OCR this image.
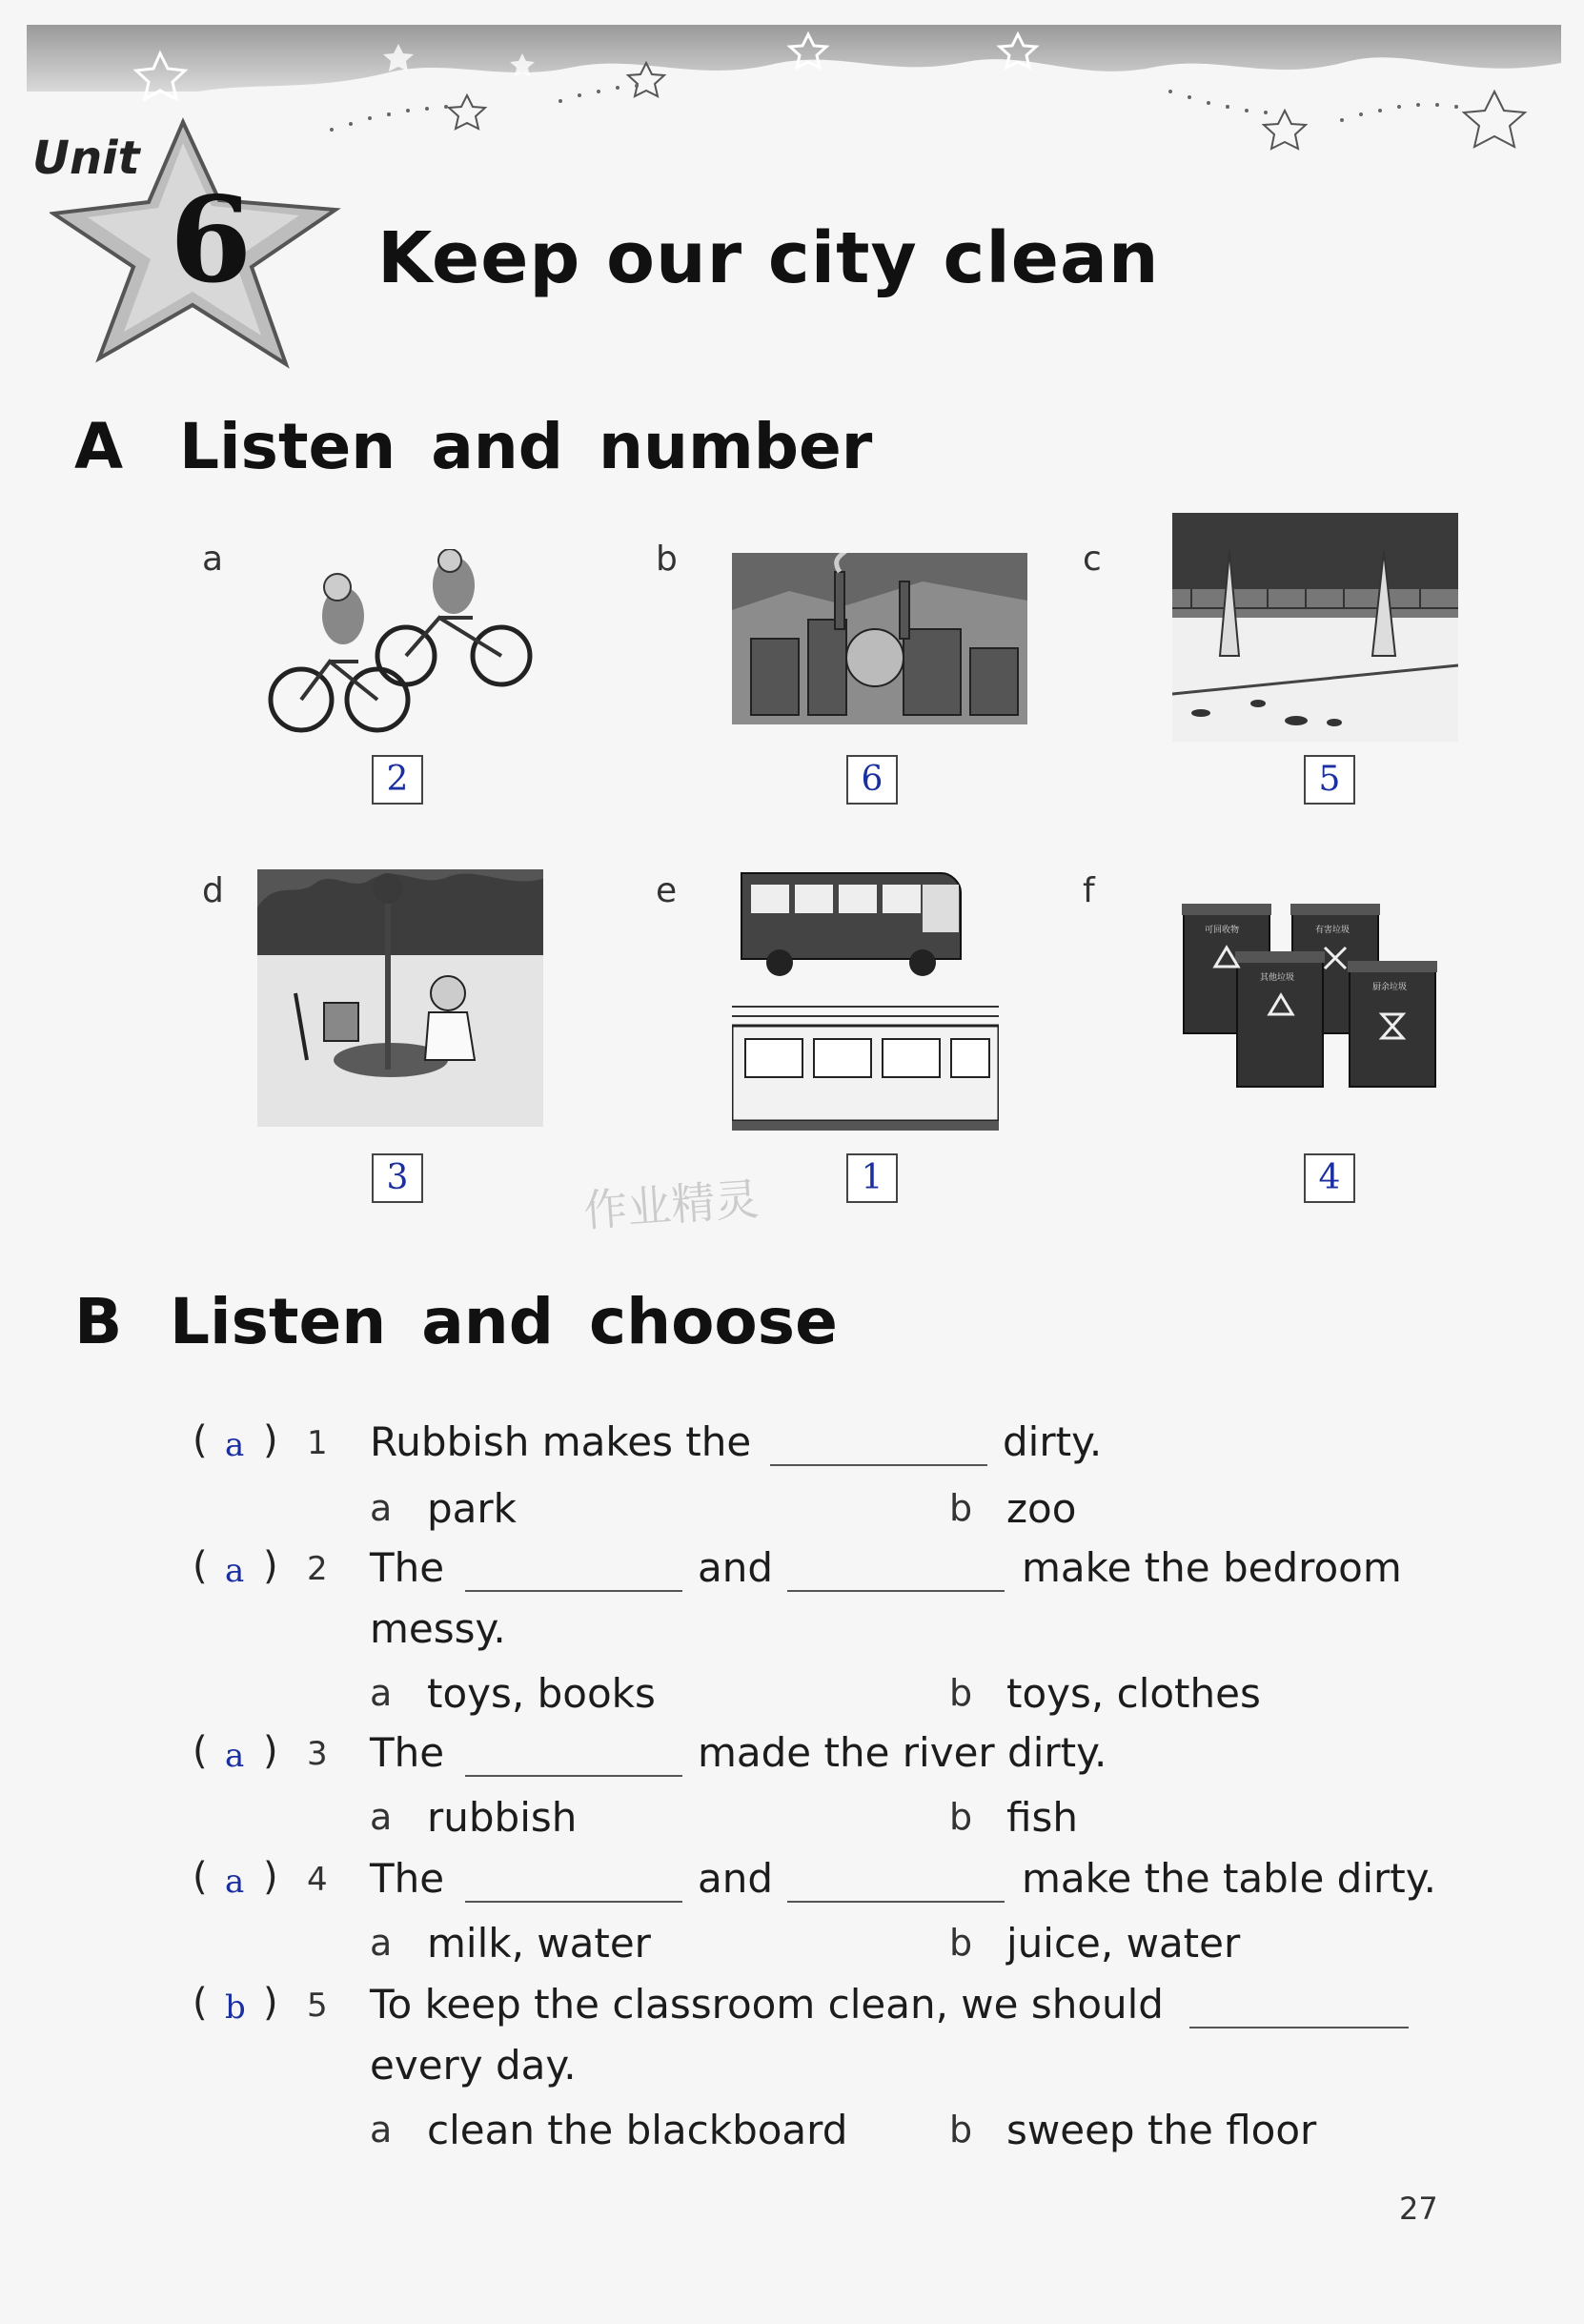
Unit
6 Keep our city clean
A Listen and number
a
2
b
6
c
5
d
3
e
1
f
可回收物	有害垃圾
其他垃圾
厨余垃圾
4
作业精灵
B Listen and choose
( a ) 1 Rubbish makes the	dirty.
a park	b zoo
( a ) 2 The	and	make the bedroom
messy.
a toys, books	b toys, clothes
( a ) 3 The	made the river dirty.
a rubbish	b fish
( a ) 4 The	and	make the table dirty.
a milk, water	b juice, water
( b ) 5 To keep the classroom clean, we should
every day.
a clean the blackboard	b sweep the floor
27
